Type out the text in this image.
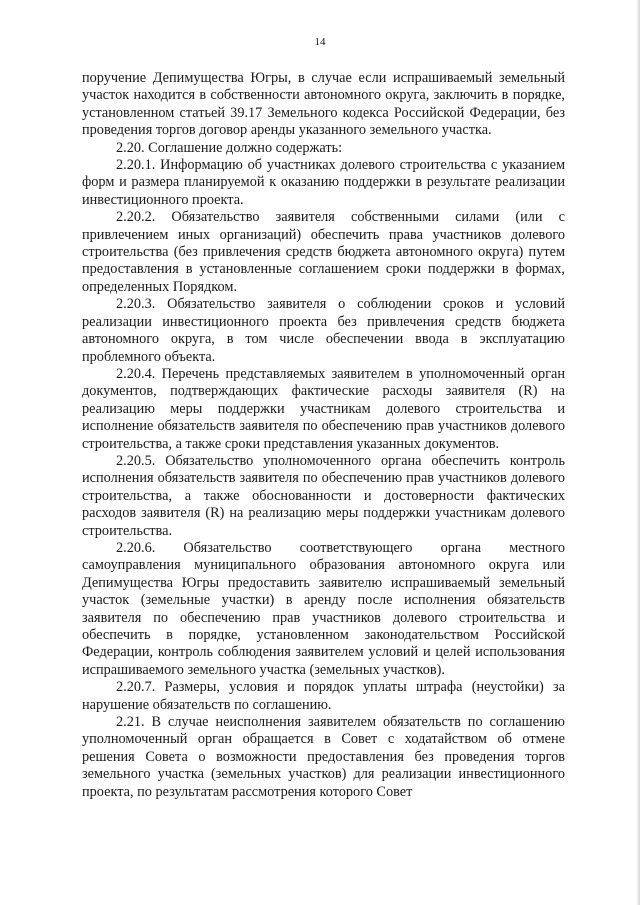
14

поручение Депимущества Югры, в случае если испрашиваемый земельный участок находится в собственности автономного округа, заключить в порядке, установленном статьей 39.17 Земельного кодекса Российской Федерации, без проведения торгов договор аренды указанного земельного участка.

2.20. Соглашение должно содержать:

2.20.1. Информацию об участниках долевого строительства с указанием форм и размера планируемой к оказанию поддержки в результате реализации инвестиционного проекта.

2.20.2. Обязательство заявителя собственными силами (или с привлечением иных организаций) обеспечить права участников долевого строительства (без привлечения средств бюджета автономного округа) путем предоставления в установленные соглашением сроки поддержки в формах, определенных Порядком.

2.20.3. Обязательство заявителя о соблюдении сроков и условий реализации инвестиционного проекта без привлечения средств бюджета автономного округа, в том числе обеспечении ввода в эксплуатацию проблемного объекта.

2.20.4. Перечень представляемых заявителем в уполномоченный орган документов, подтверждающих фактические расходы заявителя (R) на реализацию меры поддержки участникам долевого строительства и исполнение обязательств заявителя по обеспечению прав участников долевого строительства, а также сроки представления указанных документов.

2.20.5. Обязательство уполномоченного органа обеспечить контроль исполнения обязательств заявителя по обеспечению прав участников долевого строительства, а также обоснованности и достоверности фактических расходов заявителя (R) на реализацию меры поддержки участникам долевого строительства.

2.20.6. Обязательство соответствующего органа местного самоуправления муниципального образования автономного округа или Депимущества Югры предоставить заявителю испрашиваемый земельный участок (земельные участки) в аренду после исполнения обязательств заявителя по обеспечению прав участников долевого строительства и обеспечить в порядке, установленном законодательством Российской Федерации, контроль соблюдения заявителем условий и целей использования испрашиваемого земельного участка (земельных участков).

2.20.7. Размеры, условия и порядок уплаты штрафа (неустойки) за нарушение обязательств по соглашению.

2.21. В случае неисполнения заявителем обязательств по соглашению уполномоченный орган обращается в Совет с ходатайством об отмене решения Совета о возможности предоставления без проведения торгов земельного участка (земельных участков) для реализации инвестиционного проекта, по результатам рассмотрения которого Совет
